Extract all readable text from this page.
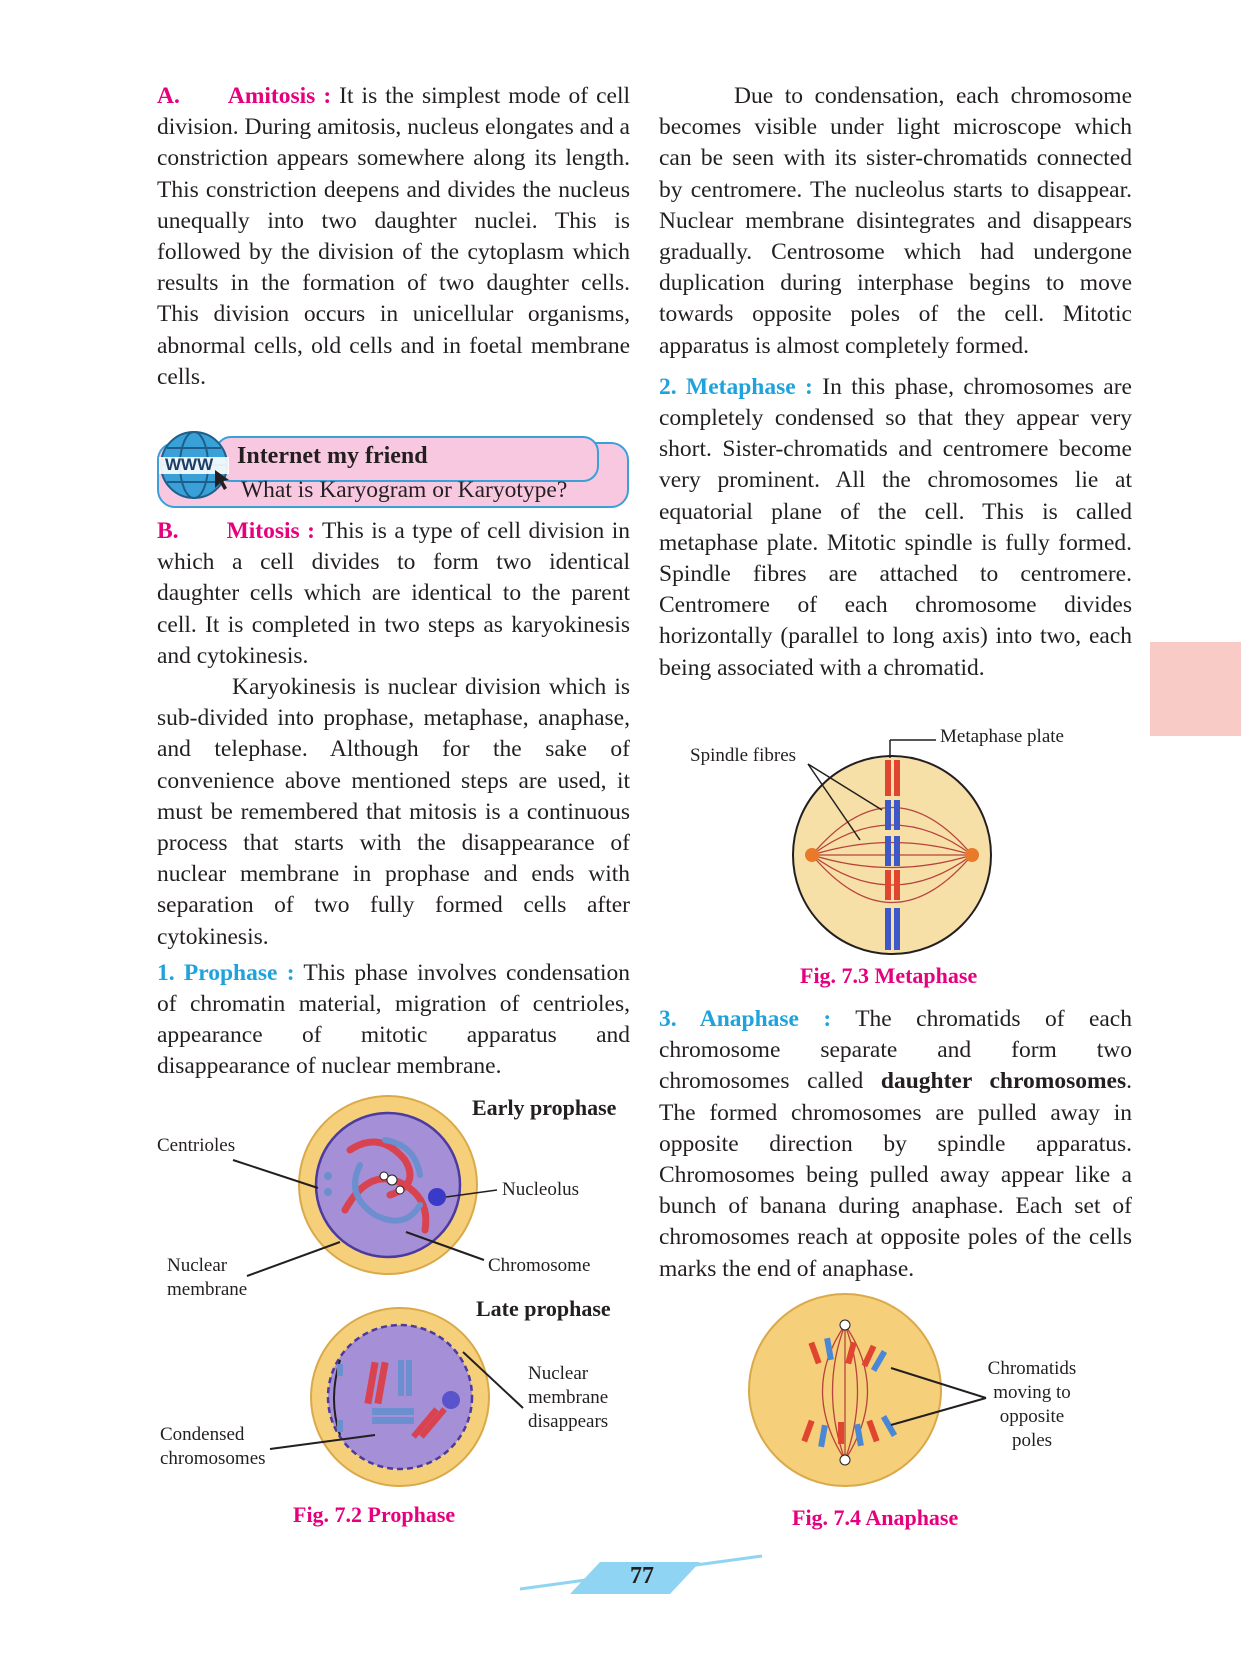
A. Amitosis : It is the simplest mode of cell division. During amitosis, nucleus elongates and a constriction appears somewhere along its length. This constriction deepens and divides the nucleus unequally into two daughter nuclei. This is followed by the division of the cytoplasm which results in the formation of two daughter cells. This division occurs in unicellular organisms, abnormal cells, old cells and in foetal membrane cells.

WWW Internet my friend
What is Karyogram or Karyotype?

B. Mitosis : This is a type of cell division in which a cell divides to form two identical daughter cells which are identical to the parent cell. It is completed in two steps as karyokinesis and cytokinesis.

Karyokinesis is nuclear division which is sub-divided into prophase, metaphase, anaphase, and telephase. Although for the sake of convenience above mentioned steps are used, it must be remembered that mitosis is a continuous process that starts with the disappearance of nuclear membrane in prophase and ends with separation of two fully formed cells after cytokinesis.

1. Prophase : This phase involves condensation of chromatin material, migration of centrioles, appearance of mitotic apparatus and disappearance of nuclear membrane.

Due to condensation, each chromosome becomes visible under light microscope which can be seen with its sister-chromatids connected by centromere. The nucleolus starts to disappear. Nuclear membrane disintegrates and disappears gradually. Centrosome which had undergone duplication during interphase begins to move towards opposite poles of the cell. Mitotic apparatus is almost completely formed.

2. Metaphase : In this phase, chromosomes are completely condensed so that they appear very short. Sister-chromatids and centromere become very prominent. All the chromosomes lie at equatorial plane of the cell. This is called metaphase plate. Mitotic spindle is fully formed. Spindle fibres are attached to centromere. Centromere of each chromosome divides horizontally (parallel to long axis) into two, each being associated with a chromatid.

3. Anaphase : The chromatids of each chromosome separate and form two chromosomes called daughter chromosomes. The formed chromosomes are pulled away in opposite direction by spindle apparatus. Chromosomes being pulled away appear like a bunch of banana during anaphase. Each set of chromosomes reach at opposite poles of the cells marks the end of anaphase.

Early prophase
Centrioles
Nucleolus
Nuclear membrane
Chromosome
Late prophase
Nuclear membrane disappears
Condensed chromosomes
Fig. 7.2 Prophase
Metaphase plate
Spindle fibres
Fig. 7.3 Metaphase
Chromatids moving to opposite poles
Fig. 7.4 Anaphase
77
